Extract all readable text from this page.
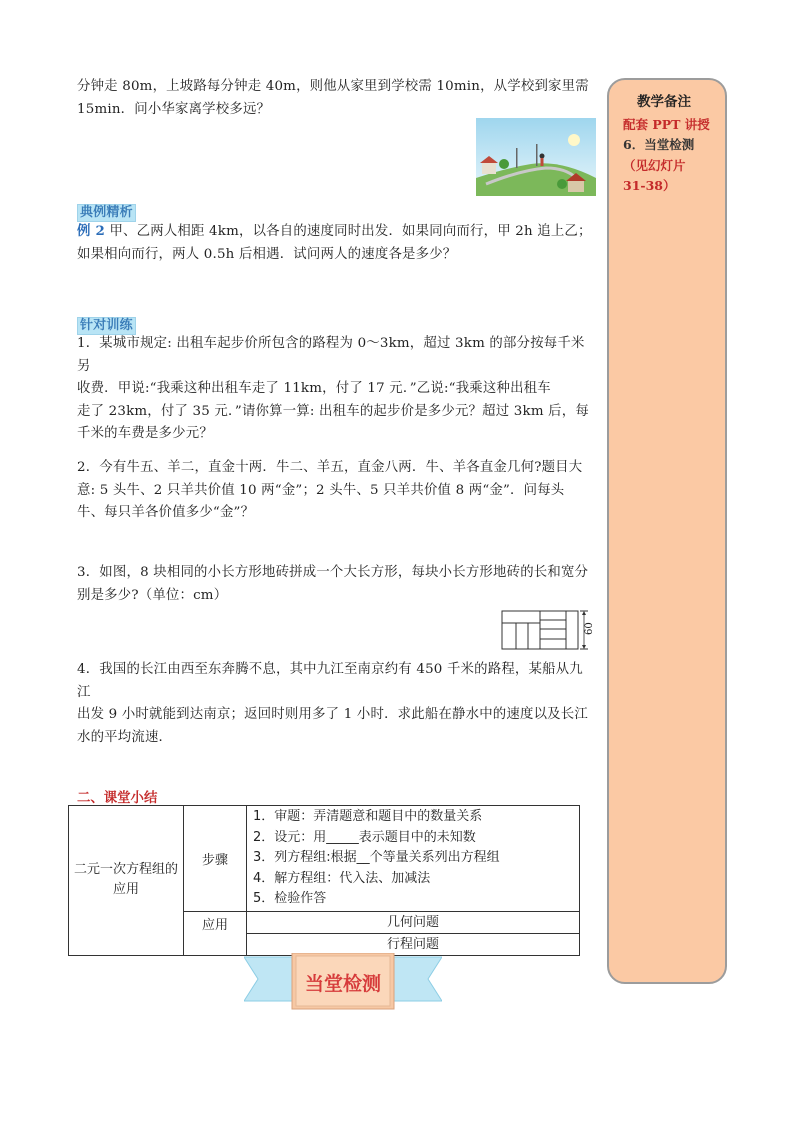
分钟走 80m，上坡路每分钟走 40m，则他从家里到学校需 10min，从学校到家里需
15min．问小华家离学校多远？
典例精析
例 2 甲、乙两人相距 4km，以各自的速度同时出发．如果同向而行，甲 2h 追上乙；
如果相向而行，两人 0.5h 后相遇．试问两人的速度各是多少？
针对训练
1．某城市规定: 出租车起步价所包含的路程为 0～3km，超过 3km 的部分按每千米另
收费．甲说:“我乘这种出租车走了 11km，付了 17 元．”乙说:“我乘这种出租车
走了 23km，付了 35 元．”请你算一算: 出租车的起步价是多少元？超过 3km 后，每
千米的车费是多少元？
2．今有牛五、羊二，直金十两．牛二、羊五，直金八两．牛、羊各直金几何?题目大
意: 5 头牛、2 只羊共价值 10 两“金”；2 头牛、5 只羊共价值 8 两“金”．问每头
牛、每只羊各价值多少“金”？
3．如图，8 块相同的小长方形地砖拼成一个大长方形，每块小长方形地砖的长和宽分
别是多少?（单位：cm）
60
4．我国的长江由西至东奔腾不息，其中九江至南京约有 450 千米的路程，某船从九江
出发 9 小时就能到达南京；返回时则用多了 1 小时．求此船在静水中的速度以及长江
水的平均流速．
二、课堂小结
二元一次方程组的应用	步骤	1．审题：弄清题意和题目中的数量关系
2．设元：用_____表示题目中的未知数
3．列方程组:根据__个等量关系列出方程组
4．解方程组：代入法、加减法
5．检验作答

	应用	几何问题
行程问题
当堂检测
教学备注
配套 PPT 讲授
6．当堂检测
（见幻灯片
31-38）
